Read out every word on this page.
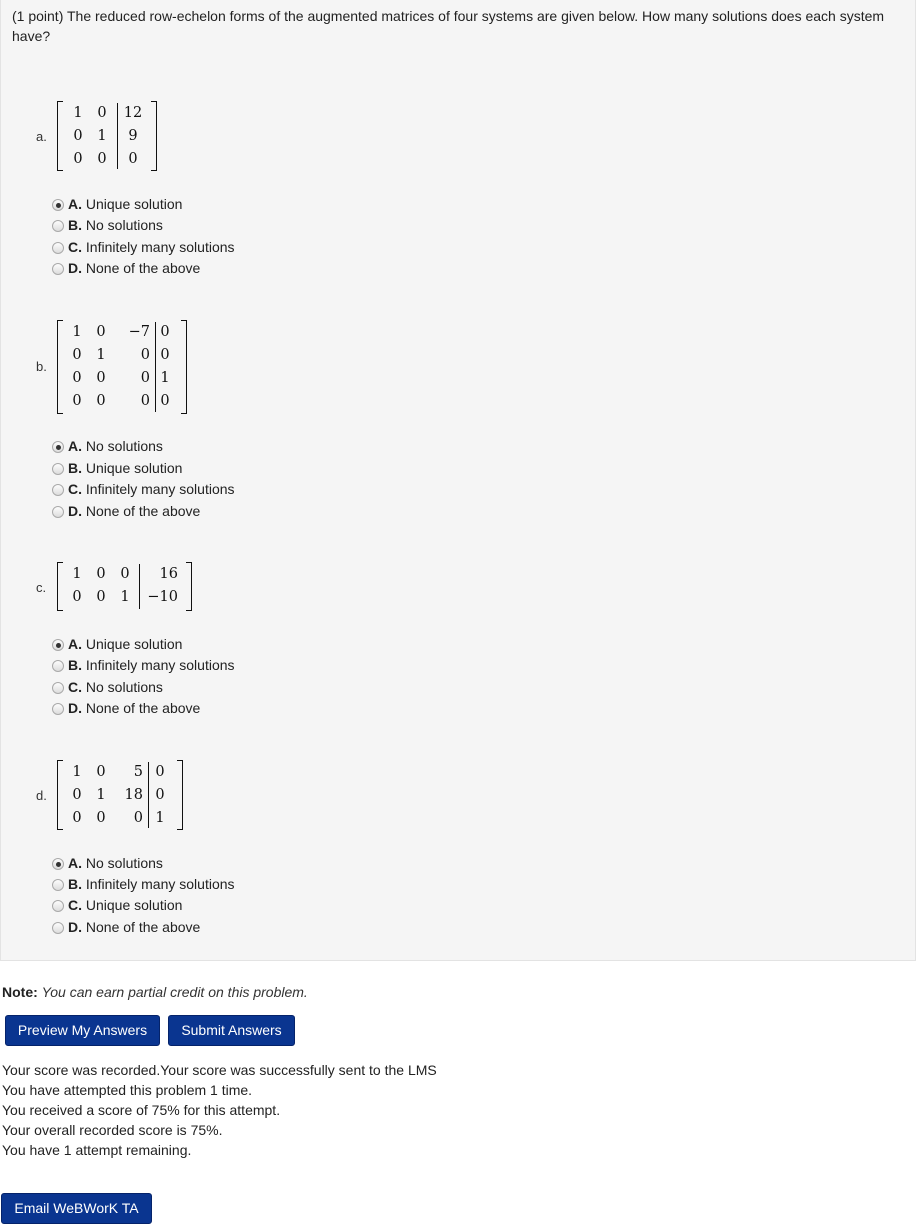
(1 point) The reduced row-echelon forms of the augmented matrices of four systems are given below. How many solutions does each system have?
a.
1 0 12
0 1	9
0 0	0
A. Unique solution
B. No solutions
C. Infinitely many solutions
D. None of the above
b.
1 0	−7 0
0 1	0 0
0 0	0 1
0 0	0 0
A. No solutions
B. Unique solution
C. Infinitely many solutions
D. None of the above
c.
1 0 0	16
0 0 1	−10
A. Unique solution
B. Infinitely many solutions
C. No solutions
D. None of the above
d.
1 0	5 0
0 1	18 0
0 0	0 1
A. No solutions
B. Infinitely many solutions
C. Unique solution
D. None of the above
Note: You can earn partial credit on this problem.
Preview My Answers	Submit Answers
Your score was recorded.Your score was successfully sent to the LMS
You have attempted this problem 1 time.
You received a score of 75% for this attempt.
Your overall recorded score is 75%.
You have 1 attempt remaining.
Email WeBWorK TA
